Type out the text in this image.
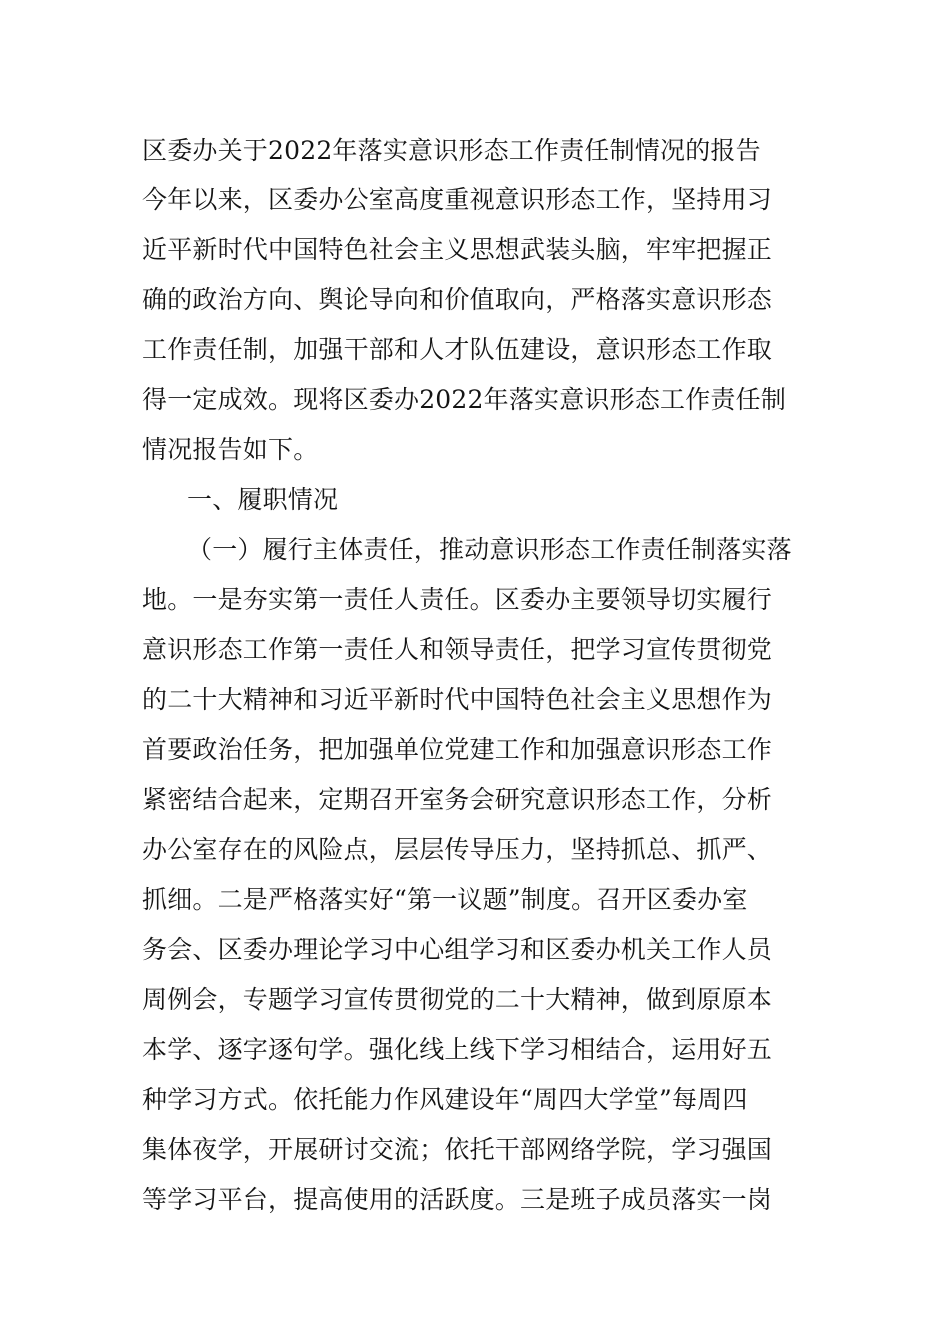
区委办关于2022年落实意识形态工作责任制情况的报告
今年以来，区委办公室高度重视意识形态工作，坚持用习
近平新时代中国特色社会主义思想武装头脑，牢牢把握正
确的政治方向、舆论导向和价值取向，严格落实意识形态
工作责任制，加强干部和人才队伍建设，意识形态工作取
得一定成效。现将区委办2022年落实意识形态工作责任制
情况报告如下。
一、履职情况
（一）履行主体责任，推动意识形态工作责任制落实落
地。一是夯实第一责任人责任。区委办主要领导切实履行
意识形态工作第一责任人和领导责任，把学习宣传贯彻党
的二十大精神和习近平新时代中国特色社会主义思想作为
首要政治任务，把加强单位党建工作和加强意识形态工作
紧密结合起来，定期召开室务会研究意识形态工作，分析
办公室存在的风险点，层层传导压力，坚持抓总、抓严、
抓细。二是严格落实好“第一议题”制度。召开区委办室
务会、区委办理论学习中心组学习和区委办机关工作人员
周例会，专题学习宣传贯彻党的二十大精神，做到原原本
本学、逐字逐句学。强化线上线下学习相结合，运用好五
种学习方式。依托能力作风建设年“周四大学堂”每周四
集体夜学，开展研讨交流；依托干部网络学院，学习强国
等学习平台，提高使用的活跃度。三是班子成员落实一岗
